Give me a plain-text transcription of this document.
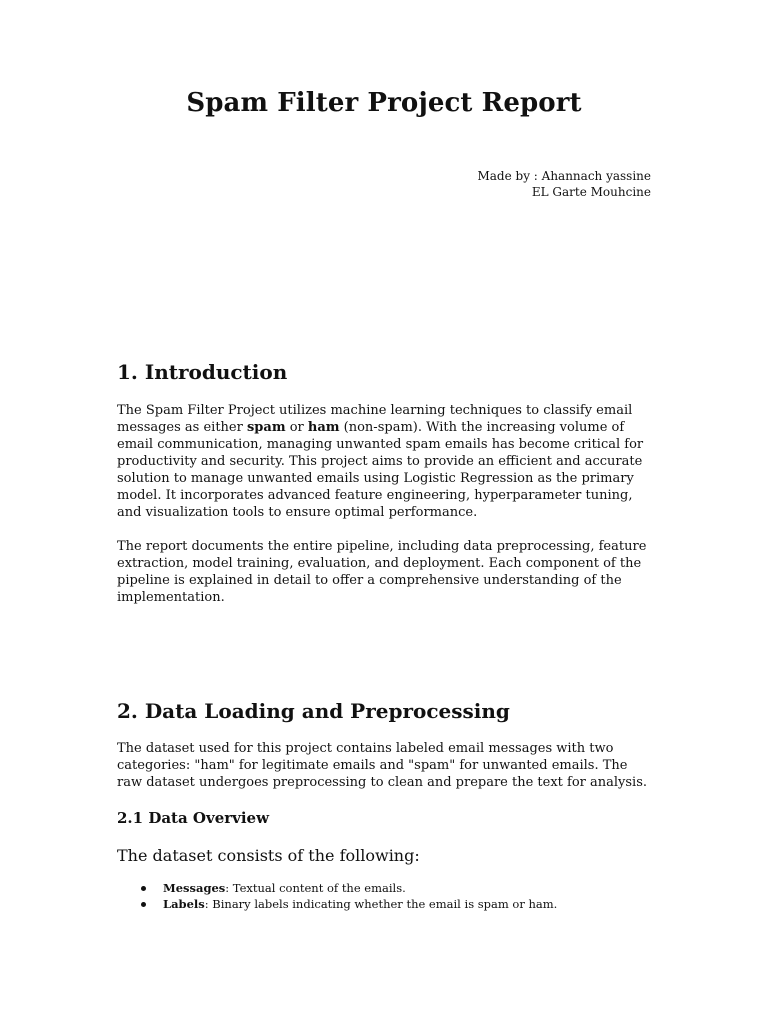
Spam Filter Project Report
Made by : Ahannach yassine
EL Garte Mouhcine
1. Introduction

The Spam Filter Project utilizes machine learning techniques to classify email
messages as either spam or ham (non-spam). With the increasing volume of
email communication, managing unwanted spam emails has become critical for
productivity and security. This project aims to provide an efficient and accurate
solution to manage unwanted emails using Logistic Regression as the primary
model. It incorporates advanced feature engineering, hyperparameter tuning,
and visualization tools to ensure optimal performance.

The report documents the entire pipeline, including data preprocessing, feature
extraction, model training, evaluation, and deployment. Each component of the
pipeline is explained in detail to offer a comprehensive understanding of the
implementation.

2. Data Loading and Preprocessing

The dataset used for this project contains labeled email messages with two
categories: "ham" for legitimate emails and "spam" for unwanted emails. The
raw dataset undergoes preprocessing to clean and prepare the text for analysis.

2.1 Data Overview

The dataset consists of the following:

Messages: Textual content of the emails.
Labels: Binary labels indicating whether the email is spam or ham.
